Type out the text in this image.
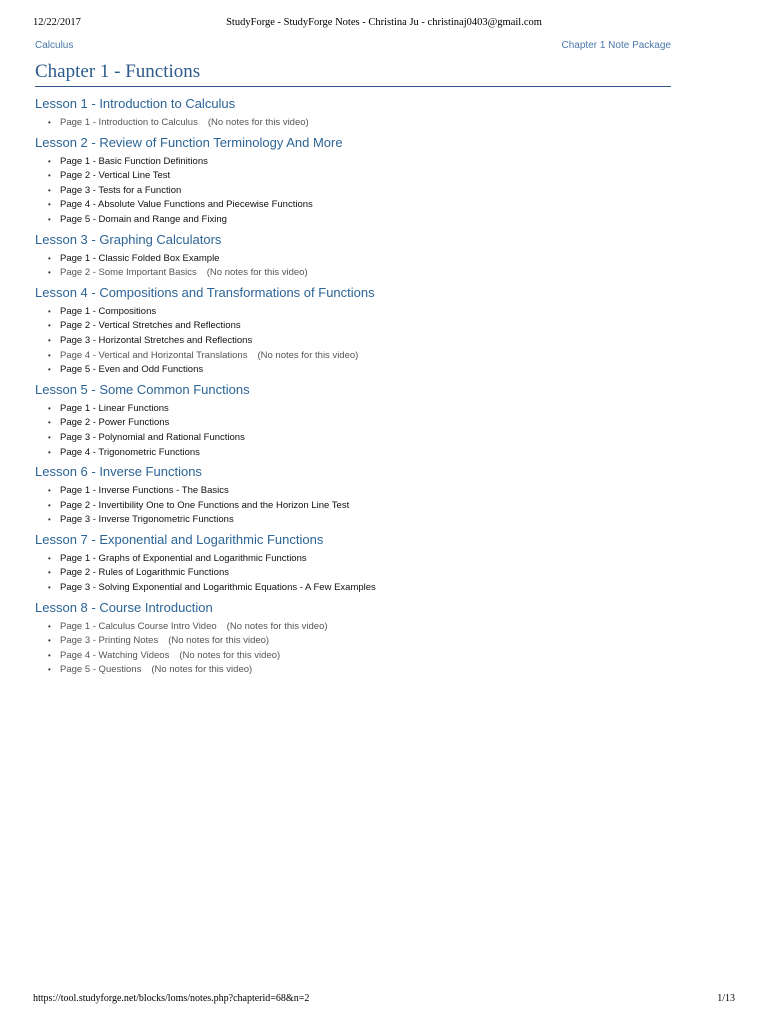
12/22/2017	StudyForge - StudyForge Notes - Christina Ju - christinaj0403@gmail.com
Calculus	Chapter 1 Note Package
Chapter 1 - Functions
Lesson 1 - Introduction to Calculus
• Page 1 - Introduction to Calculus (No notes for this video)
Lesson 2 - Review of Function Terminology And More
• Page 1 - Basic Function Definitions
• Page 2 - Vertical Line Test
• Page 3 - Tests for a Function
• Page 4 - Absolute Value Functions and Piecewise Functions
• Page 5 - Domain and Range and Fixing
Lesson 3 - Graphing Calculators
• Page 1 - Classic Folded Box Example
• Page 2 - Some Important Basics (No notes for this video)
Lesson 4 - Compositions and Transformations of Functions
• Page 1 - Compositions
• Page 2 - Vertical Stretches and Reflections
• Page 3 - Horizontal Stretches and Reflections
• Page 4 - Vertical and Horizontal Translations (No notes for this video)
• Page 5 - Even and Odd Functions
Lesson 5 - Some Common Functions
• Page 1 - Linear Functions
• Page 2 - Power Functions
• Page 3 - Polynomial and Rational Functions
• Page 4 - Trigonometric Functions
Lesson 6 - Inverse Functions
• Page 1 - Inverse Functions - The Basics
• Page 2 - Invertibility One to One Functions and the Horizon Line Test
• Page 3 - Inverse Trigonometric Functions
Lesson 7 - Exponential and Logarithmic Functions
• Page 1 - Graphs of Exponential and Logarithmic Functions
• Page 2 - Rules of Logarithmic Functions
• Page 3 - Solving Exponential and Logarithmic Equations - A Few Examples
Lesson 8 - Course Introduction
• Page 1 - Calculus Course Intro Video (No notes for this video)
• Page 3 - Printing Notes (No notes for this video)
• Page 4 - Watching Videos (No notes for this video)
• Page 5 - Questions (No notes for this video)
https://tool.studyforge.net/blocks/loms/notes.php?chapterid=68&n=2	1/13
